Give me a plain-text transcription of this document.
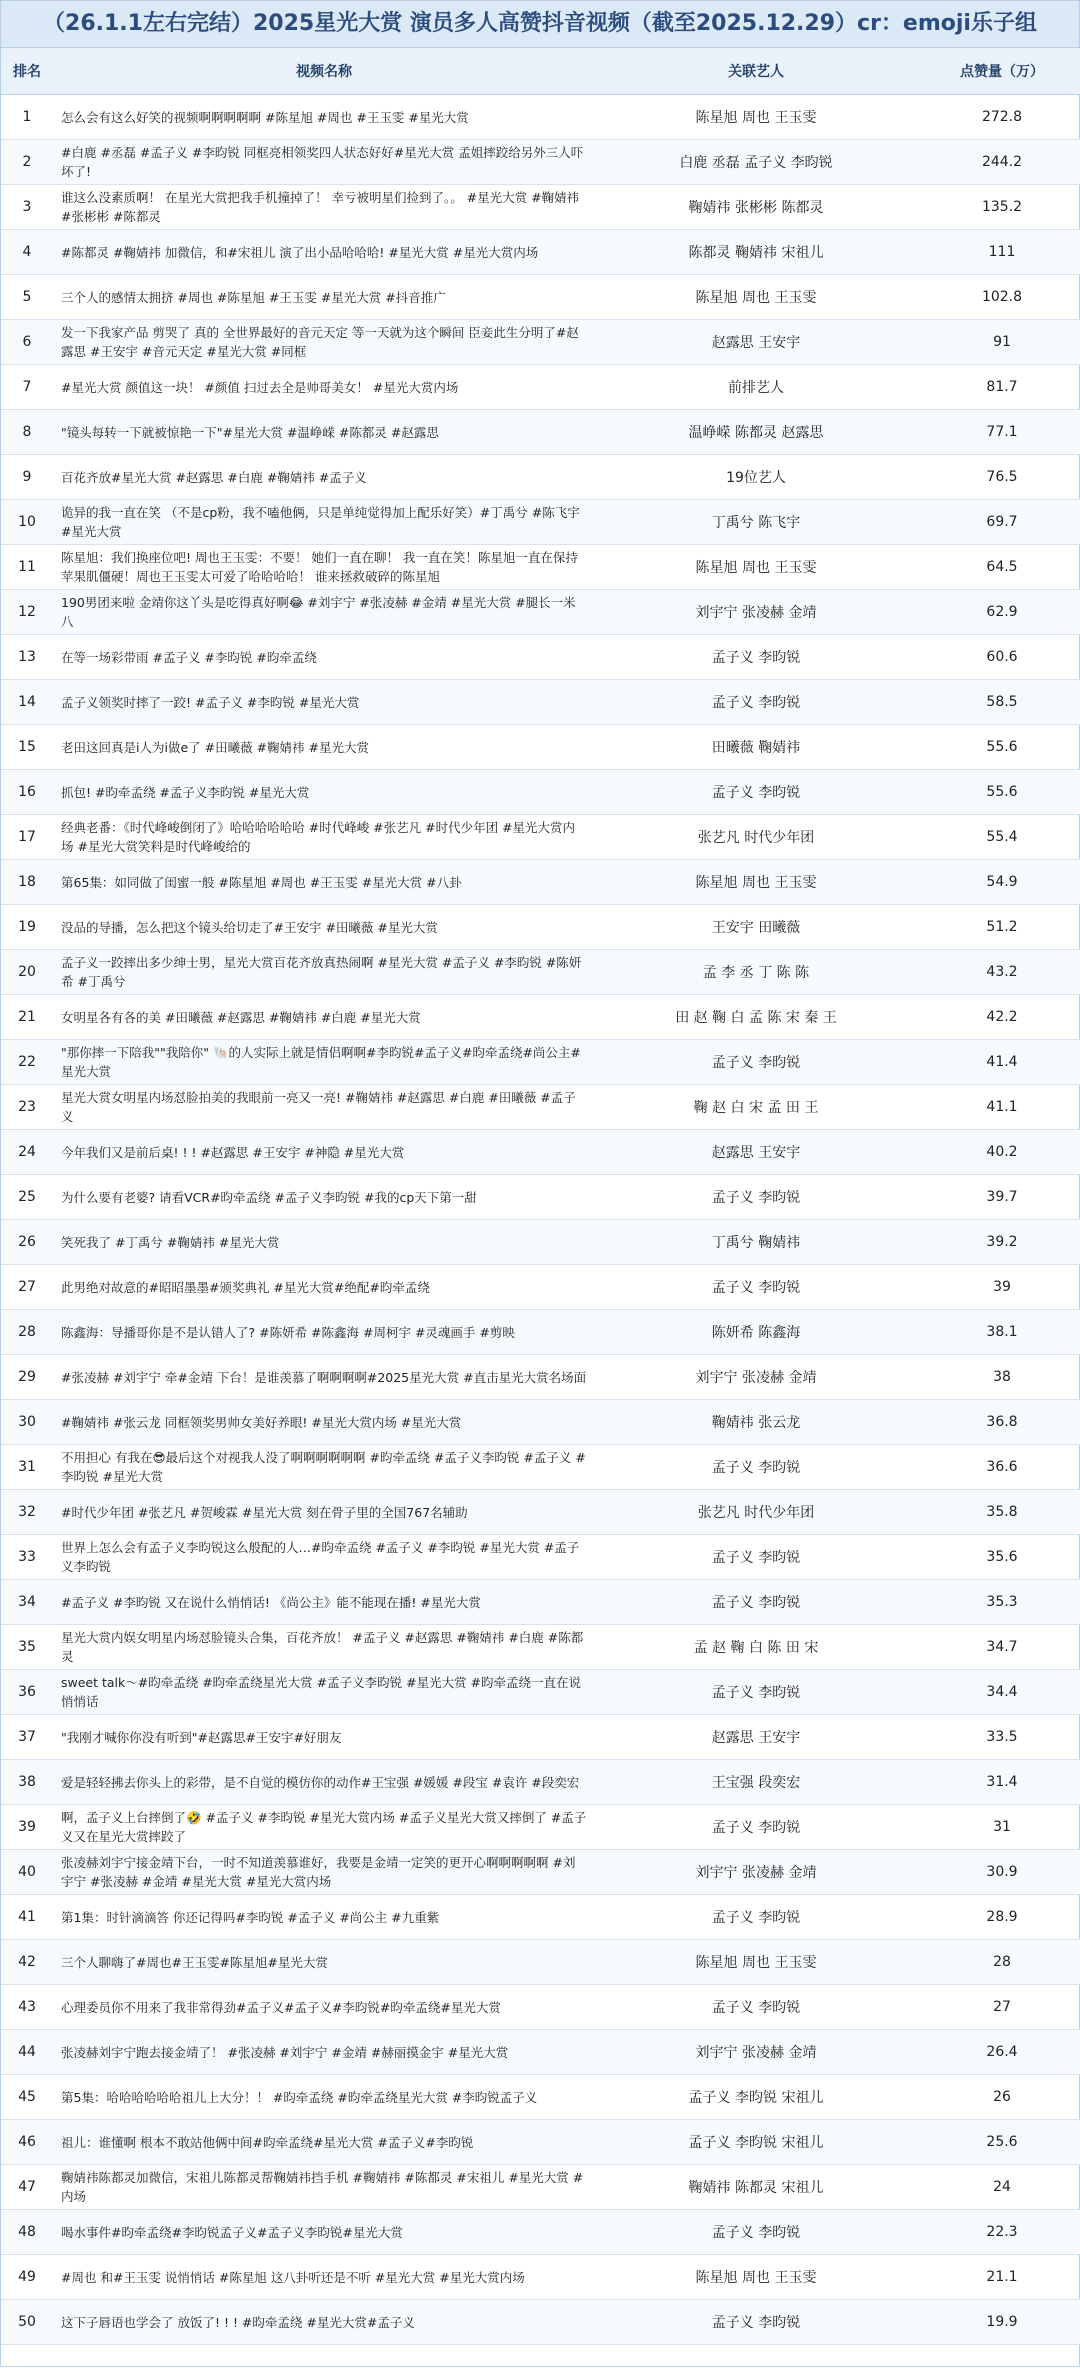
（26.1.1左右完结）2025星光大赏 演员多人高赞抖音视频（截至2025.12.29）cr：emoji乐子组
排名	视频名称	关联艺人	点赞量（万）
1	怎么会有这么好笑的视频啊啊啊啊啊 #陈星旭 #周也 #王玉雯 #星光大赏	陈星旭 周也 王玉雯	272.8
2	#白鹿 #丞磊 #孟子义 #李昀锐 同框亮相领奖四人状态好好#星光大赏 孟姐摔跤给另外三人吓坏了!	白鹿 丞磊 孟子义 李昀锐	244.2
3	谁这么没素质啊！ 在星光大赏把我手机撞掉了！ 幸亏被明星们捡到了。。 #星光大赏 #鞠婧祎 #张彬彬 #陈都灵	鞠婧祎 张彬彬 陈都灵	135.2
4	#陈都灵 #鞠婧祎 加微信，和#宋祖儿 演了出小品哈哈哈! #星光大赏 #星光大赏内场	陈都灵 鞠婧祎 宋祖儿	111
5	三个人的感情太拥挤 #周也 #陈星旭 #王玉雯 #星光大赏 #抖音推广	陈星旭 周也 王玉雯	102.8
6	发一下我家产品 剪哭了 真的 全世界最好的音元天定 等一天就为这个瞬间 臣妾此生分明了#赵露思 #王安宇 #音元天定 #星光大赏 #同框	赵露思 王安宇	91
7	#星光大赏 颜值这一块！ #颜值 扫过去全是帅哥美女！ #星光大赏内场	前排艺人	81.7
8	"镜头每转一下就被惊艳一下"#星光大赏 #温峥嵘 #陈都灵 #赵露思	温峥嵘 陈都灵 赵露思	77.1
9	百花齐放#星光大赏 #赵露思 #白鹿 #鞠婧祎 #孟子义	19位艺人	76.5
10	诡异的我一直在笑 （不是cp粉，我不嗑他俩，只是单纯觉得加上配乐好笑）#丁禹兮 #陈飞宇 #星光大赏	丁禹兮 陈飞宇	69.7
11	陈星旭：我们换座位吧! 周也王玉雯：不要！ 她们一直在聊！ 我一直在笑！陈星旭一直在保持苹果肌僵硬！周也王玉雯太可爱了哈哈哈哈！ 谁来拯救破碎的陈星旭	陈星旭 周也 王玉雯	64.5
12	190男团来啦 金靖你这丫头是吃得真好啊😂 #刘宇宁 #张凌赫 #金靖 #星光大赏 #腿长一米八	刘宇宁 张凌赫 金靖	62.9
13	在等一场彩带雨 #孟子义 #李昀锐 #昀牵孟绕	孟子义 李昀锐	60.6
14	孟子义领奖时摔了一跤! #孟子义 #李昀锐 #星光大赏	孟子义 李昀锐	58.5
15	老田这回真是i人为i做e了 #田曦薇 #鞠婧祎 #星光大赏	田曦薇 鞠婧祎	55.6
16	抓包! #昀牵孟绕 #孟子义李昀锐 #星光大赏	孟子义 李昀锐	55.6
17	经典老番：《时代峰峻倒闭了》哈哈哈哈哈哈 #时代峰峻 #张艺凡 #时代少年团 #星光大赏内场 #星光大赏笑料是时代峰峻给的	张艺凡 时代少年团	55.4
18	第65集：如同做了闺蜜一般 #陈星旭 #周也 #王玉雯 #星光大赏 #八卦	陈星旭 周也 王玉雯	54.9
19	没品的导播，怎么把这个镜头给切走了#王安宇 #田曦薇 #星光大赏	王安宇 田曦薇	51.2
20	孟子义一跤摔出多少绅士男，星光大赏百花齐放真热闹啊 #星光大赏 #孟子义 #李昀锐 #陈妍希 #丁禹兮	孟 李 丞 丁 陈 陈	43.2
21	女明星各有各的美 #田曦薇 #赵露思 #鞠婧祎 #白鹿 #星光大赏	田 赵 鞠 白 孟 陈 宋 秦 王	42.2
22	"那你摔一下陪我""我陪你" 🐚的人实际上就是情侣啊啊#李昀锐#孟子义#昀牵孟绕#尚公主#星光大赏	孟子义 李昀锐	41.4
23	星光大赏女明星内场怼脸拍美的我眼前一亮又一亮! #鞠婧祎 #赵露思 #白鹿 #田曦薇 #孟子义	鞠 赵 白 宋 孟 田 王	41.1
24	今年我们又是前后桌! ! ! #赵露思 #王安宇 #神隐 #星光大赏	赵露思 王安宇	40.2
25	为什么要有老婆? 请看VCR#昀牵孟绕 #孟子义李昀锐 #我的cp天下第一甜	孟子义 李昀锐	39.7
26	笑死我了 #丁禹兮 #鞠婧祎 #星光大赏	丁禹兮 鞠婧祎	39.2
27	此男绝对故意的#昭昭墨墨#颁奖典礼 #星光大赏#绝配#昀牵孟绕	孟子义 李昀锐	39
28	陈鑫海：导播哥你是不是认错人了? #陈妍希 #陈鑫海 #周柯宇 #灵魂画手 #剪映	陈妍希 陈鑫海	38.1
29	#张凌赫 #刘宇宁 牵#金靖 下台！是谁羡慕了啊啊啊啊#2025星光大赏 #直击星光大赏名场面	刘宇宁 张凌赫 金靖	38
30	#鞠婧祎 #张云龙 同框领奖男帅女美好养眼! #星光大赏内场 #星光大赏	鞠婧祎 张云龙	36.8
31	不用担心 有我在😎最后这个对视我人没了啊啊啊啊啊啊 #昀牵孟绕 #孟子义李昀锐 #孟子义 #李昀锐 #星光大赏	孟子义 李昀锐	36.6
32	#时代少年团 #张艺凡 #贺峻霖 #星光大赏 刻在骨子里的全国767名辅助	张艺凡 时代少年团	35.8
33	世界上怎么会有孟子义李昀锐这么般配的人…#昀牵孟绕 #孟子义 #李昀锐 #星光大赏 #孟子义李昀锐	孟子义 李昀锐	35.6
34	#孟子义 #李昀锐 又在说什么悄悄话! 《尚公主》能不能现在播! #星光大赏	孟子义 李昀锐	35.3
35	星光大赏内娱女明星内场怼脸镜头合集，百花齐放！ #孟子义 #赵露思 #鞠婧祎 #白鹿 #陈都灵	孟 赵 鞠 白 陈 田 宋	34.7
36	sweet talk～#昀牵孟绕 #昀牵孟绕星光大赏 #孟子义李昀锐 #星光大赏 #昀牵孟绕一直在说悄悄话	孟子义 李昀锐	34.4
37	"我刚才喊你你没有听到"#赵露思#王安宇#好朋友	赵露思 王安宇	33.5
38	爱是轻轻拂去你头上的彩带，是不自觉的模仿你的动作#王宝强 #媛媛 #段宝 #袁许 #段奕宏	王宝强 段奕宏	31.4
39	啊，孟子义上台摔倒了🤣 #孟子义 #李昀锐 #星光大赏内场 #孟子义星光大赏又摔倒了 #孟子义又在星光大赏摔跤了	孟子义 李昀锐	31
40	张凌赫刘宇宁接金靖下台，一时不知道羡慕谁好，我要是金靖一定笑的更开心啊啊啊啊啊 #刘宇宁 #张凌赫 #金靖 #星光大赏 #星光大赏内场	刘宇宁 张凌赫 金靖	30.9
41	第1集：时针滴滴答 你还记得吗#李昀锐 #孟子义 #尚公主 #九重紫	孟子义 李昀锐	28.9
42	三个人聊嗨了#周也#王玉雯#陈星旭#星光大赏	陈星旭 周也 王玉雯	28
43	心理委员你不用来了我非常得劲#孟子义#孟子义#李昀锐#昀牵孟绕#星光大赏	孟子义 李昀锐	27
44	张凌赫刘宇宁跑去接金靖了！ #张凌赫 #刘宇宁 #金靖 #赫丽摸金宇 #星光大赏	刘宇宁 张凌赫 金靖	26.4
45	第5集：哈哈哈哈哈哈祖儿上大分！！ #昀牵孟绕 #昀牵孟绕星光大赏 #李昀锐孟子义	孟子义 李昀锐 宋祖儿	26
46	祖儿：谁懂啊 根本不敢站他俩中间#昀牵孟绕#星光大赏 #孟子义#李昀锐	孟子义 李昀锐 宋祖儿	25.6
47	鞠婧祎陈都灵加微信，宋祖儿陈都灵帮鞠婧祎挡手机 #鞠婧祎 #陈都灵 #宋祖儿 #星光大赏 #内场	鞠婧祎 陈都灵 宋祖儿	24
48	喝水事件#昀牵孟绕#李昀锐孟子义#孟子义李昀锐#星光大赏	孟子义 李昀锐	22.3
49	#周也 和#王玉雯 说悄悄话 #陈星旭 这八卦听还是不听 #星光大赏 #星光大赏内场	陈星旭 周也 王玉雯	21.1
50	这下子唇语也学会了 放饭了! ! ! #昀牵孟绕 #星光大赏#孟子义	孟子义 李昀锐	19.9
